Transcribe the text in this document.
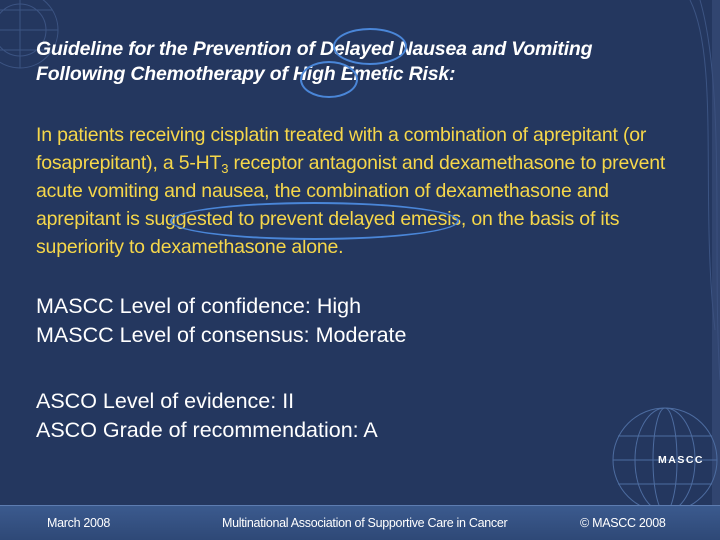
Guideline for the Prevention of Delayed Nausea and Vomiting
Following Chemotherapy of High Emetic Risk:
In patients receiving cisplatin treated with a combination of aprepitant (or fosaprepitant), a $5-HT_3$ receptor antagonist and dexamethasone to prevent acute vomiting and nausea, the combination of dexamethasone and aprepitant is suggested to prevent delayed emesis, on the basis of its superiority to dexamethasone alone.
MASCC Level of confidence: High
MASCC Level of consensus: Moderate
ASCO Level of evidence: II
ASCO Grade of recommendation: A
MASCC
March 2008	Multinational Association of Supportive Care in Cancer	© MASCC 2008
